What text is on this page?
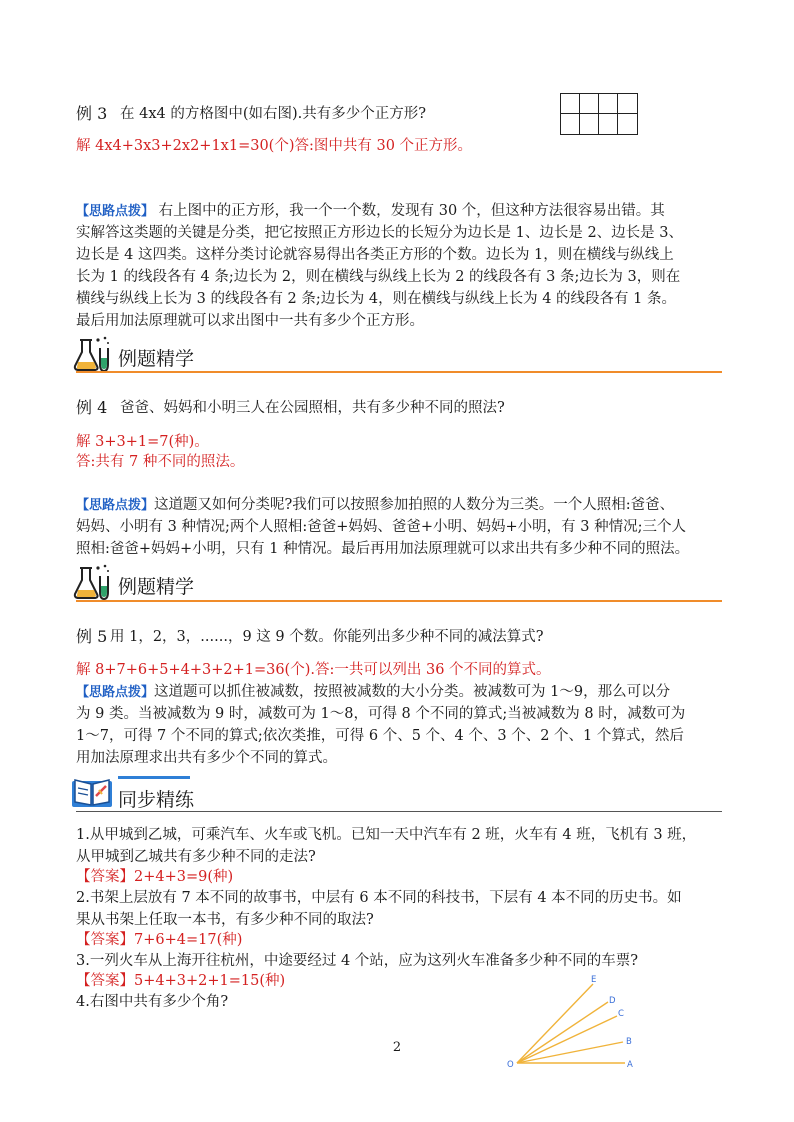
例 3 在 4x4 的方格图中(如右图).共有多少个正方形?
解 4x4+3x3+2x2+1x1=30(个)答:图中共有 30 个正方形。
【思路点拨】 右上图中的正方形，我一个一个数，发现有 30 个，但这种方法很容易出错。其
实解答这类题的关键是分类，把它按照正方形边长的长短分为边长是 1、边长是 2、边长是 3、
边长是 4 这四类。这样分类讨论就容易得出各类正方形的个数。边长为 1，则在横线与纵线上
长为 1 的线段各有 4 条;边长为 2，则在横线与纵线上长为 2 的线段各有 3 条;边长为 3，则在
横线与纵线上长为 3 的线段各有 2 条;边长为 4，则在横线与纵线上长为 4 的线段各有 1 条。
最后用加法原理就可以求出图中一共有多少个正方形。
例题精学
例 4 爸爸、妈妈和小明三人在公园照相，共有多少种不同的照法?
解 3+3+1=7(种)。
答:共有 7 种不同的照法。
【思路点拨】这道题又如何分类呢?我们可以按照参加拍照的人数分为三类。一个人照相:爸爸、
妈妈、小明有 3 种情况;两个人照相:爸爸+妈妈、爸爸+小明、妈妈+小明，有 3 种情况;三个人
照相:爸爸+妈妈+小明，只有 1 种情况。最后再用加法原理就可以求出共有多少种不同的照法。
例题精学
例 5 用 1，2，3，......，9 这 9 个数。你能列出多少种不同的减法算式?
解 8+7+6+5+4+3+2+1=36(个).答:一共可以列出 36 个不同的算式。
【思路点拨】这道题可以抓住被减数，按照被减数的大小分类。被减数可为 1～9，那么可以分
为 9 类。当被减数为 9 时，减数可为 1～8，可得 8 个不同的算式;当被减数为 8 时，减数可为
1～7，可得 7 个不同的算式;依次类推，可得 6 个、5 个、4 个、3 个、2 个、1 个算式，然后
用加法原理求出共有多少个不同的算式。
同步精练
1.从甲城到乙城，可乘汽车、火车或飞机。已知一天中汽车有 2 班，火车有 4 班，飞机有 3 班，
从甲城到乙城共有多少种不同的走法?
【答案】2+4+3=9(种)
2.书架上层放有 7 本不同的故事书，中层有 6 本不同的科技书，下层有 4 本不同的历史书。如
果从书架上任取一本书，有多少种不同的取法?
【答案】7+6+4=17(种)
3.一列火车从上海开往杭州，中途要经过 4 个站，应为这列火车准备多少种不同的车票?
【答案】5+4+3+2+1=15(种)
4.右图中共有多少个角?
O	A
B
C
D
E
2
